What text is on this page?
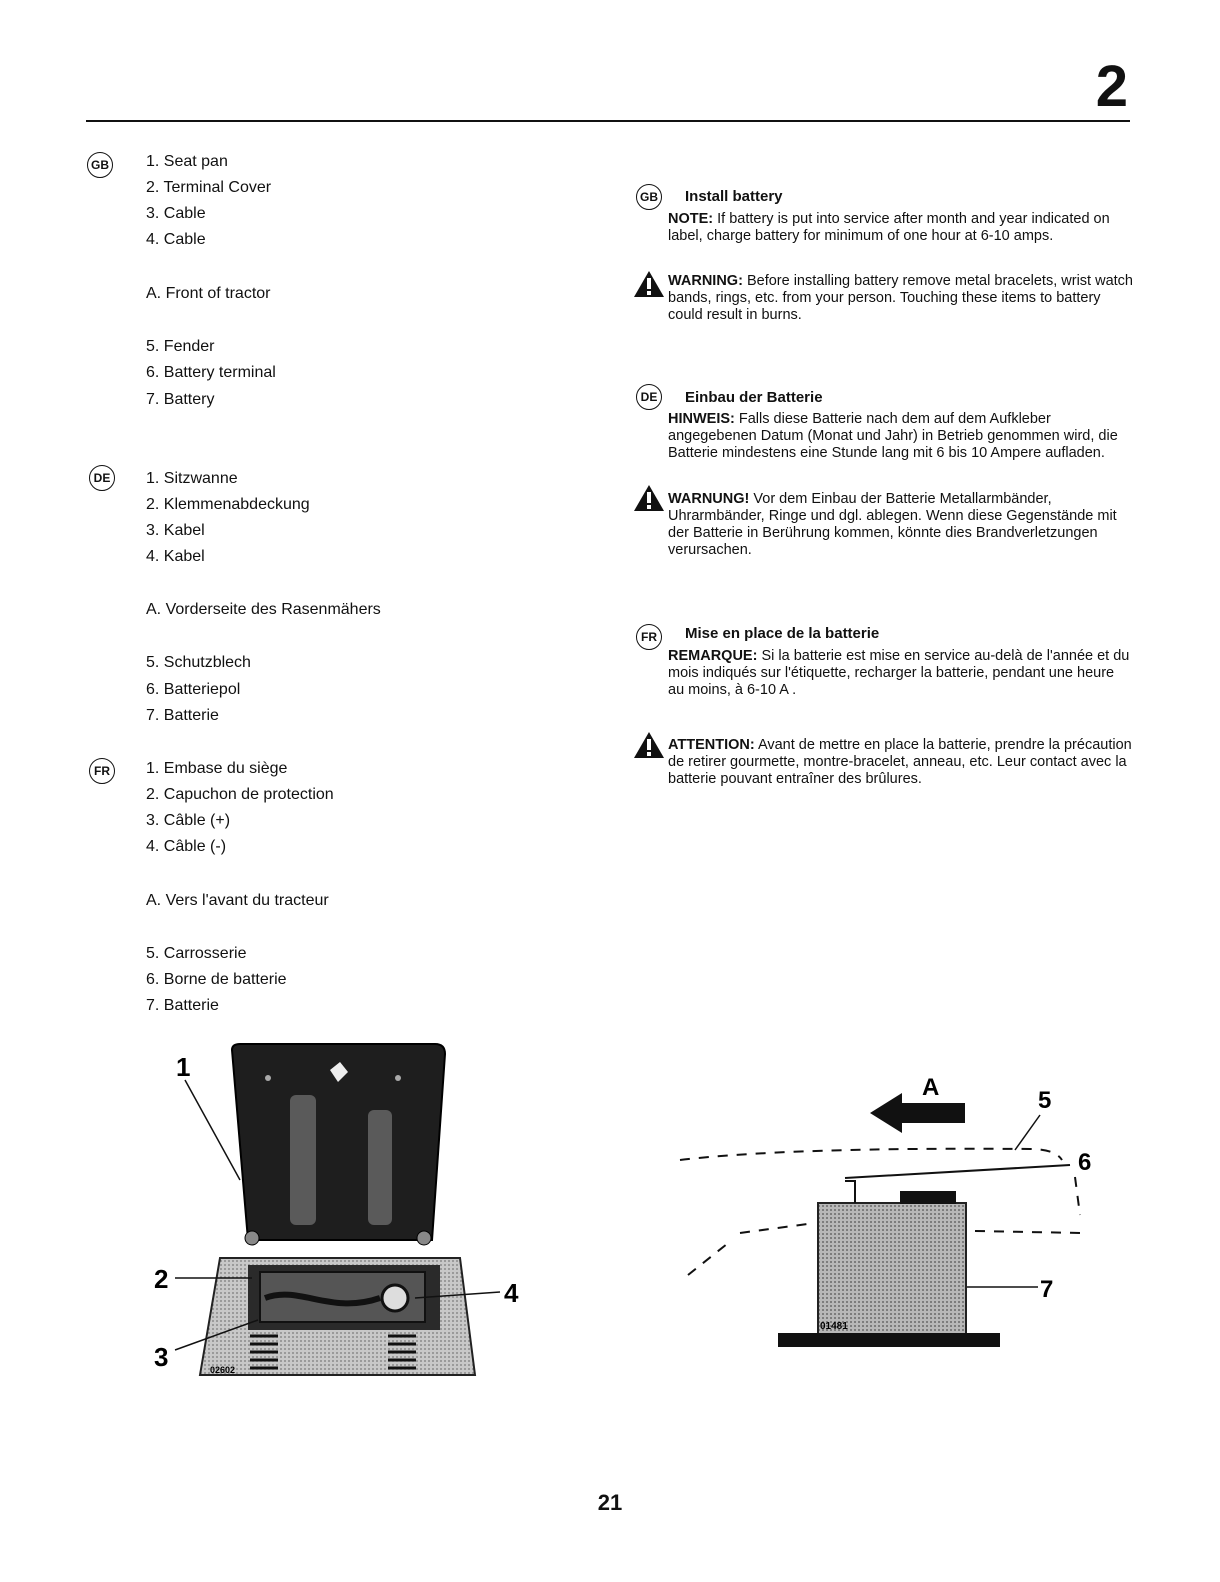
2
GB 1. Seat pan
2. Terminal Cover
3. Cable
4. Cable
A. Front of tractor
5. Fender
6. Battery terminal
7. Battery
DE 1. Sitzwanne
2. Klemmenabdeckung
3. Kabel
4. Kabel
A. Vorderseite des Rasenmähers
5. Schutzblech
6. Batteriepol
7. Batterie
FR	1. Embase du siège
2. Capuchon de protection
3. Câble (+)
4. Câble (-)
A. Vers l'avant du tracteur
5. Carrosserie
6. Borne de batterie
7. Batterie
GB Install battery
NOTE: If battery is put into service after month and year indicated on label, charge battery for minimum of one hour at 6-10 amps.
WARNING: Before installing battery remove metal bracelets, wrist watch bands, rings, etc. from your person. Touching these items to battery could result in burns.
DE	Einbau der Batterie
HINWEIS: Falls diese Batterie nach dem auf dem Aufkleber angegebenen Datum (Monat und Jahr) in Betrieb genommen wird, die Batterie mindestens eine Stunde lang mit 6 bis 10 Ampere aufladen.
WARNUNG! Vor dem Einbau der Batterie Metallarmbänder, Uhrarmbänder, Ringe und dgl. ablegen. Wenn diese Gegenstände mit der Batterie in Berührung kommen, könnte dies Brandverletzungen verursachen.
FR	Mise en place de la batterie
REMARQUE: Si la batterie est mise en service au-delà de l'année et du mois indiqués sur l'étiquette, recharger la batterie, pendant une heure au moins, à 6-10 A .
ATTENTION: Avant de mettre en place la batterie, prendre la précaution de retirer gourmette, montre-bracelet, anneau, etc. Leur contact avec la batterie pouvant entraîner des brûlures.
1
2
3
4
02602
A	5
6
7
01481
21
